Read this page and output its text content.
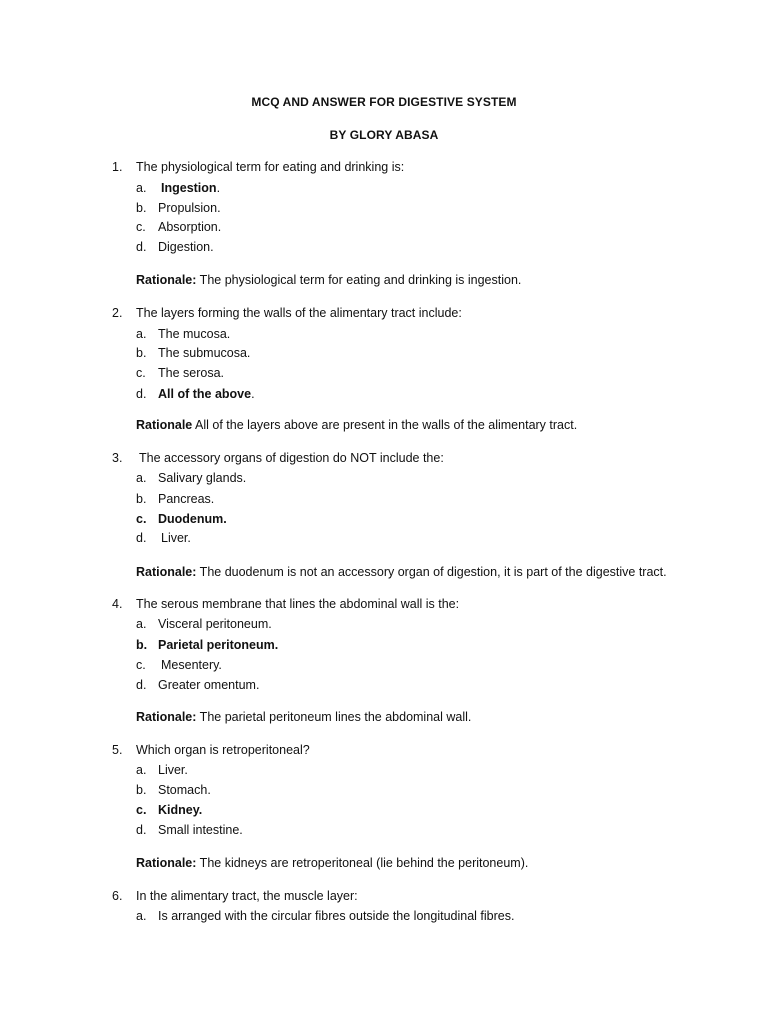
MCQ AND ANSWER FOR DIGESTIVE SYSTEM
BY GLORY ABASA
1. The physiological term for eating and drinking is:
a. Ingestion.
b. Propulsion.
c. Absorption.
d. Digestion.
Rationale: The physiological term for eating and drinking is ingestion.
2. The layers forming the walls of the alimentary tract include:
a. The mucosa.
b. The submucosa.
c. The serosa.
d. All of the above.
Rationale All of the layers above are present in the walls of the alimentary tract.
3. The accessory organs of digestion do NOT include the:
a. Salivary glands.
b. Pancreas.
c. Duodenum.
d. Liver.
Rationale: The duodenum is not an accessory organ of digestion, it is part of the digestive tract.
4. The serous membrane that lines the abdominal wall is the:
a. Visceral peritoneum.
b. Parietal peritoneum.
c. Mesentery.
d. Greater omentum.
Rationale: The parietal peritoneum lines the abdominal wall.
5. Which organ is retroperitoneal?
a. Liver.
b. Stomach.
c. Kidney.
d. Small intestine.
Rationale: The kidneys are retroperitoneal (lie behind the peritoneum).
6. In the alimentary tract, the muscle layer:
a. Is arranged with the circular fibres outside the longitudinal fibres.
